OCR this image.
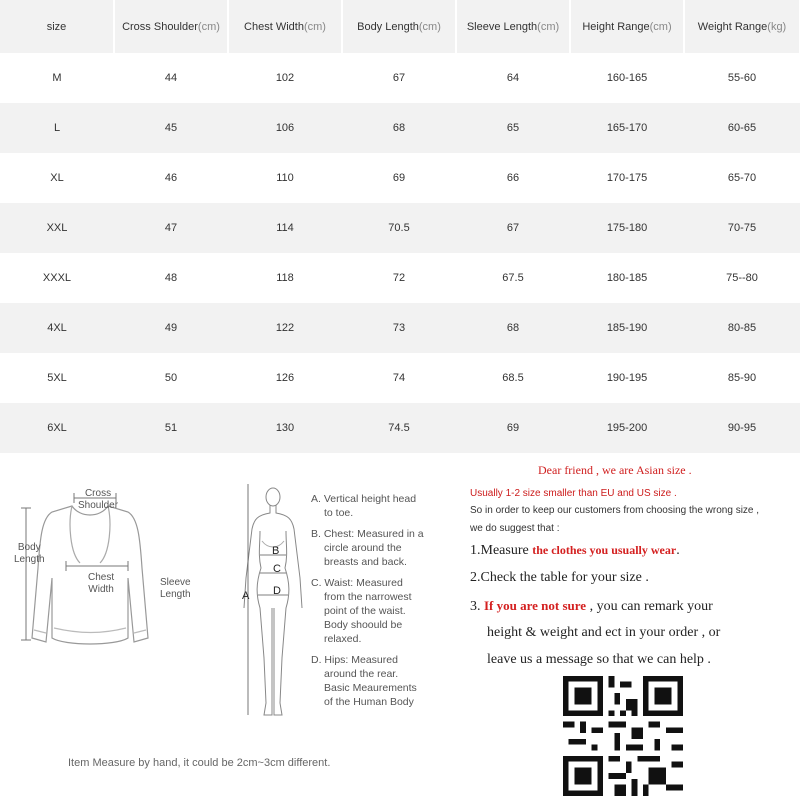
size	Cross Shoulder(cm)	Chest Width(cm)	Body Length(cm)	Sleeve Length(cm)	Height Range(cm)	Weight Range(kg)
M	44	102	67	64	160-165	55-60
L	45	106	68	65	165-170	60-65
XL	46	110	69	66	170-175	65-70
XXL	47	114	70.5	67	175-180	70-75
XXXL	48	118	72	67.5	180-185	75--80
4XL	49	122	73	68	185-190	80-85
5XL	50	126	74	68.5	190-195	85-90
6XL	51	130	74.5	69	195-200	90-95
Cross
Shoulder
Body
Length
Chest
Width
Sleeve
Length
B
C
A D

A. Vertical height head
to toe.

B. Chest: Measured in a
circle around the
breasts and back.

C. Waist: Measured
from the narrowest
point of the waist.
Body shoould be
relaxed.

D. Hips: Measured
around the rear.
Basic Meaurements
of the Human Body

Item Measure by hand, it could be 2cm~3cm different.
Dear friend , we are Asian size .
Usually 1-2 size smaller than EU and US size .
So in order to keep our customers from choosing the wrong size ,
we do suggest that :
1.Measure the clothes you usually wear.
2.Check the table for your size .
3. If you are not sure , you can remark your
height & weight and ect in your order , or
leave us a message so that we can help .
